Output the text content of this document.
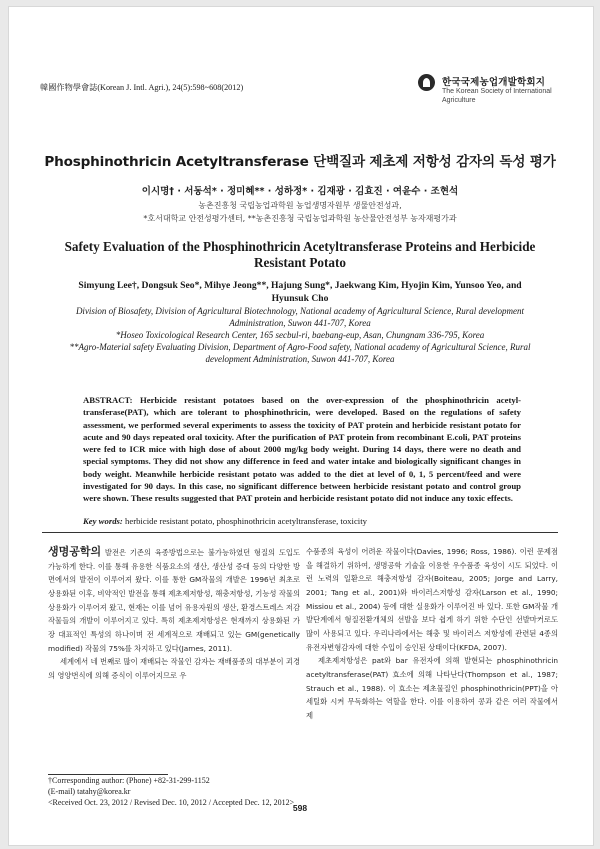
韓國作物學會誌(Korean J. Intl. Agri.), 24(5):598~608(2012)	한국국제농업개발학회지
The Korean Society of International
Agriculture
Phosphinothricin Acetyltransferase 단백질과 제초제 저항성 감자의 독성 평가
이시명† · 서동석* · 정미혜** · 성하정* · 김재광 · 김효진 · 여윤수 · 조현석
농촌진흥청 국립농업과학원 농업생명자원부 생물안전성과,
*호서대학교 안전성평가센터, **농촌진흥청 국립농업과학원 농산물안전성부 농자재평가과
Safety Evaluation of the Phosphinothricin Acetyltransferase Proteins and Herbicide Resistant Potato
Simyung Lee†, Dongsuk Seo*, Mihye Jeong**, Hajung Sung*, Jaekwang Kim, Hyojin Kim, Yunsoo Yeo, and Hyunsuk Cho
Division of Biosafety, Division of Agricultural Biotechnology, National academy of Agricultural Science, Rural development Administration, Suwon 441-707, Korea
*Hoseo Toxicological Research Center, 165 secbul-ri, baebang-eup, Asan, Chungnam 336-795, Korea
**Agro-Material safety Evaluating Division, Department of Agro-Food safety, National academy of Agricultural Science, Rural development Administration, Suwon 441-707, Korea
ABSTRACT: Herbicide resistant potatoes based on the over-expression of the phosphinothricin acetyl-transferase(PAT), which are tolerant to phosphinothricin, were developed. Based on the regulations of safety assessment, we performed several experiments to assess the toxicity of PAT protein and herbicide resistant potato for acute and 90 days repeated oral toxicity. After the purification of PAT protein from recombinant E.coli, PAT proteins were fed to ICR mice with high dose of about 2000 mg/kg body weight. During 14 days, there were no death and special symptoms. They did not show any difference in feed and water intake and biologically significant changes in body weight. Meanwhile herbicide resistant potato was added to the diet at level of 0, 1, 5 percent/feed and were investigated for 90 days. In this case, no significant difference between herbicide resistant potato and control group were shown. These results suggested that PAT protein and herbicide resistant potato did not induce any toxic effects.
Key words: herbicide resistant potato, phosphinothricin acetyltransferase, toxicity

생명공학의 발전은 기존의 육종방법으로는 불가능하였던 형질의 도입도 가능하게 한다. 이를 통해 유용한 식품요소의 생산, 생산성 증대 등의 다양한 방면에서의 발전이 이루어져 왔다. 이를 통한 GM작물의 개발은 1996년 최초로 상용화된 이후, 비약적인 발전을 통해 제초제저항성, 해충저항성, 기능성 작물의 상용화가 이루어져 왔고, 현재는 이를 넘어 유용자원의 생산, 환경스트레스 저감 작물들의 개발이 이루어지고 있다. 특히 제초제저항성은 현재까지 상용화된 가장 대표적인 특성의 하나이며 전 세계적으로 재배되고 있는 GM(genetically modified) 작물의 75%를 차지하고 있다(James, 2011).

세계에서 네 번째로 많이 재배되는 작물인 감자는 재배품종의 대부분이 괴경의 영양번식에 의해 증식이 이루어지므로 우

수품종의 육성이 어려운 작물이다(Davies, 1996; Ross, 1986). 이런 문제점을 해결하기 위하여, 생명공학 기술을 이용한 우수품종 육성이 시도 되었다. 이런 노력의 일환으로 해충저항성 감자(Boiteau, 2005; Jorge and Larry, 2001; Tang et al., 2001)와 바이러스저항성 감자(Larson et al., 1990; Missiou et al., 2004) 등에 대한 실용화가 이루어진 바 있다. 또한 GM작물 개발단계에서 형질전환개체의 선발을 보다 쉽게 하기 위한 수단인 선발마커로도 많이 사용되고 있다. 우리나라에서는 해충 및 바이러스 저항성에 관련된 4종의 유전자변형감자에 대한 수입이 승인된 상태이다(KFDA, 2007).

제초제저항성은 pat와 bar 유전자에 의해 발현되는 phosphinothricin acetyltransferase(PAT) 효소에 의해 나타난다(Thompson et al., 1987; Strauch et al., 1988). 이 효소는 제초물질인 phosphinothricin(PPT)을 아세틸화 시켜 무독화하는 역할을 한다. 이를 이용하여 콩과 같은 여러 작물에서 제

†Corresponding author: (Phone) +82-31-299-1152
(E-mail) tatahy@korea.kr
<Received Oct. 23, 2012 / Revised Dec. 10, 2012 / Accepted Dec. 12, 2012>
598
